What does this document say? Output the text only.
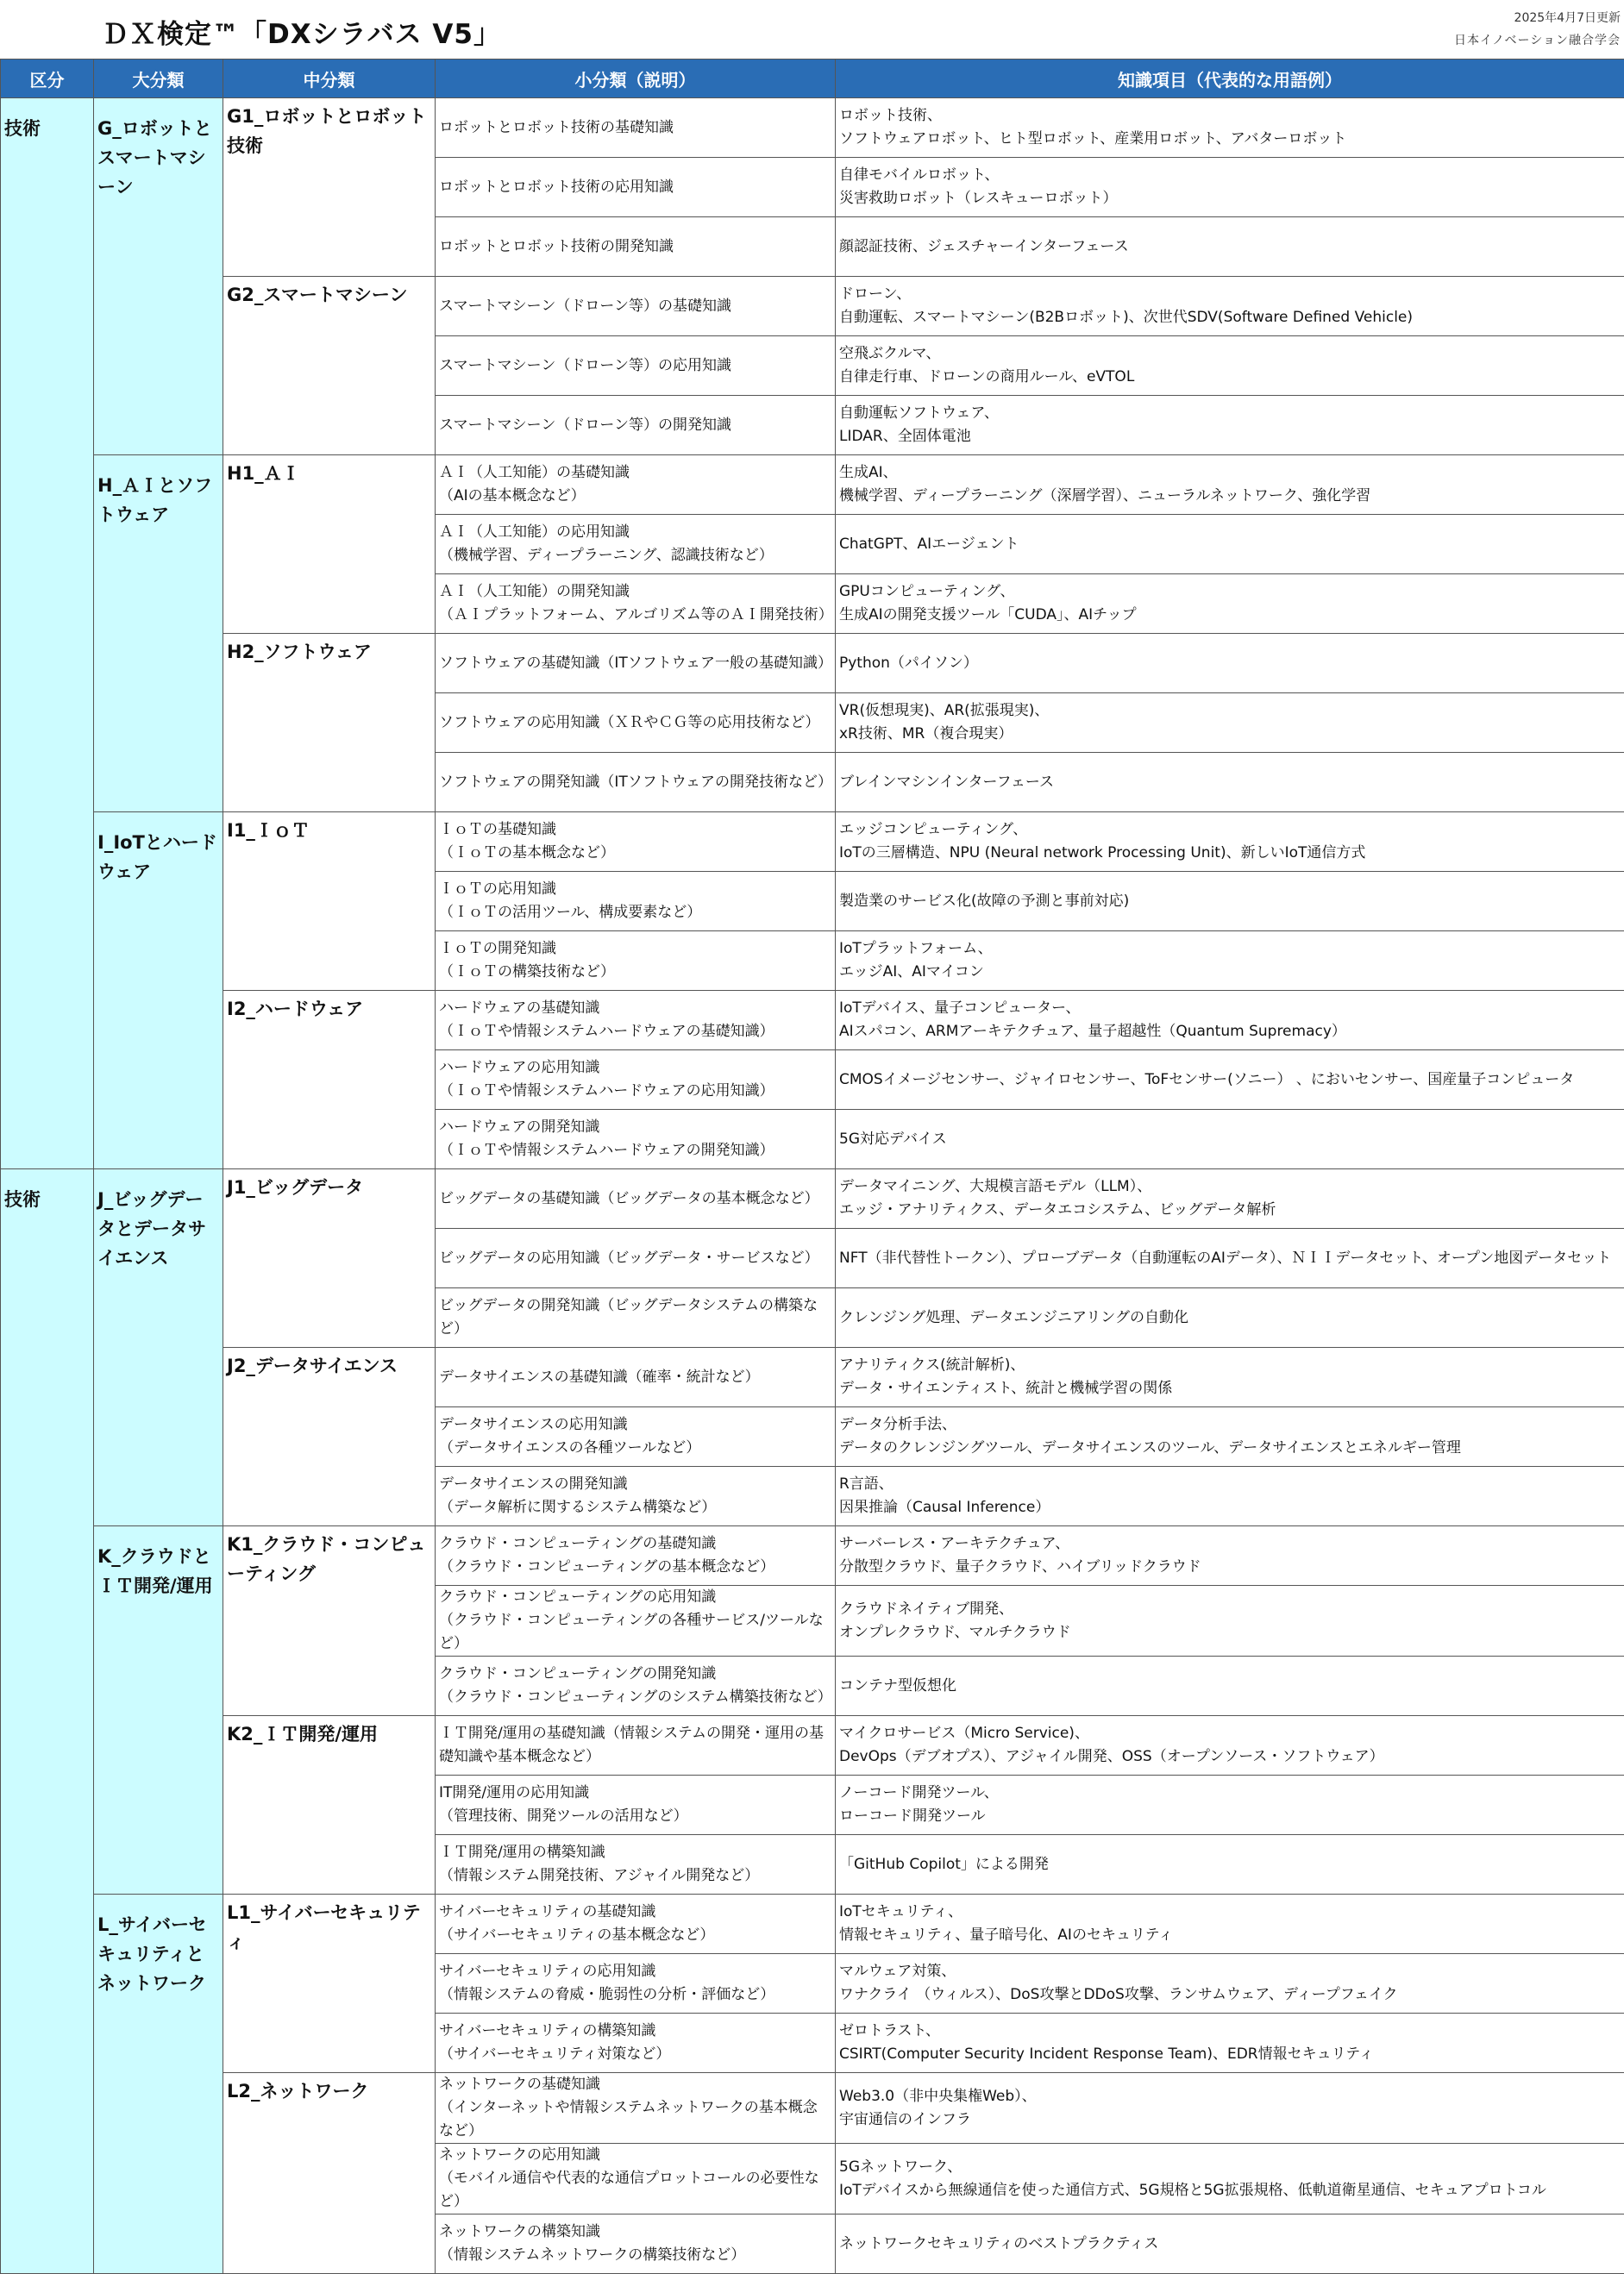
ＤＸ検定™「DXシラバス V5」
2025年4月7日更新
日本イノベーション融合学会
区分	大分類	中分類	小分類（説明）	知識項目（代表的な用語例）
技術	G_ロボットとスマートマシーン	G1_ロボットとロボット技術	ロボットとロボット技術の基礎知識	ロボット技術、
ソフトウェアロボット、ヒト型ロボット、産業用ロボット、アバターロボット
			ロボットとロボット技術の応用知識	自律モバイルロボット、
災害救助ロボット（レスキューロボット）
			ロボットとロボット技術の開発知識	顔認証技術、ジェスチャーインターフェース
		G2_スマートマシーン	スマートマシーン（ドローン等）の基礎知識	ドローン、
自動運転、スマートマシーン(B2Bロボット)、次世代SDV(Software Defined Vehicle)
			スマートマシーン（ドローン等）の応用知識	空飛ぶクルマ、
自律走行車、ドローンの商用ルール、eVTOL
			スマートマシーン（ドローン等）の開発知識	自動運転ソフトウェア、
LIDAR、全固体電池
	H_ＡＩとソフトウェア	H1_ＡＩ	ＡＩ（人工知能）の基礎知識
（AIの基本概念など）	生成AI、
機械学習、ディープラーニング（深層学習）、ニューラルネットワーク、強化学習
			ＡＩ（人工知能）の応用知識
（機械学習、ディープラーニング、認識技術など）	ChatGPT、AIエージェント
			ＡＩ（人工知能）の開発知識
（ＡＩプラットフォーム、アルゴリズム等のＡＩ開発技術）	GPUコンピューティング、
生成AIの開発支援ツール「CUDA」、AIチップ
		H2_ソフトウェア	ソフトウェアの基礎知識（ITソフトウェア一般の基礎知識）	Python（パイソン）
			ソフトウェアの応用知識（ＸＲやＣＧ等の応用技術など）	VR(仮想現実)、AR(拡張現実)、
xR技術、MR（複合現実）
			ソフトウェアの開発知識（ITソフトウェアの開発技術など）	ブレインマシンインターフェース
	I_IoTとハードウェア	I1_ＩｏＴ	ＩｏＴの基礎知識
（ＩｏＴの基本概念など）	エッジコンピューティング、
IoTの三層構造、NPU (Neural network Processing Unit)、新しいIoT通信方式
			ＩｏＴの応用知識
（ＩｏＴの活用ツール、構成要素など）	製造業のサービス化(故障の予測と事前対応)
			ＩｏＴの開発知識
（ＩｏＴの構築技術など）	IoTプラットフォーム、
エッジAI、AIマイコン
		I2_ハードウェア	ハードウェアの基礎知識
（ＩｏＴや情報システムハードウェアの基礎知識）	IoTデバイス、量子コンピューター、
AIスパコン、ARMアーキテクチュア、量子超越性（Quantum Supremacy）
			ハードウェアの応用知識
（ＩｏＴや情報システムハードウェアの応用知識）	CMOSイメージセンサー、ジャイロセンサー、ToFセンサー(ソニー） 、においセンサー、国産量子コンピュータ
			ハードウェアの開発知識
（ＩｏＴや情報システムハードウェアの開発知識）	5G対応デバイス
技術	J_ビッグデータとデータサイエンス	J1_ビッグデータ	ビッグデータの基礎知識（ビッグデータの基本概念など）	データマイニング、大規模言語モデル（LLM）、
エッジ・アナリティクス、データエコシステム、ビッグデータ解析
			ビッグデータの応用知識（ビッグデータ・サービスなど）	NFT（非代替性トークン）、プローブデータ（自動運転のAIデータ）、ＮＩＩデータセット、オープン地図データセット
			ビッグデータの開発知識（ビッグデータシステムの構築など）	クレンジング処理、データエンジニアリングの自動化
		J2_データサイエンス	データサイエンスの基礎知識（確率・統計など）	アナリティクス(統計解析)、
データ・サイエンティスト、統計と機械学習の関係
			データサイエンスの応用知識
（データサイエンスの各種ツールなど）	データ分析手法、
データのクレンジングツール、データサイエンスのツール、データサイエンスとエネルギー管理
			データサイエンスの開発知識
（データ解析に関するシステム構築など）	R言語、
因果推論（Causal Inference）
	K_クラウドとＩＴ開発/運用	K1_クラウド・コンピューティング	クラウド・コンピューティングの基礎知識
（クラウド・コンピューティングの基本概念など）	サーバーレス・アーキテクチュア、
分散型クラウド、量子クラウド、ハイブリッドクラウド
			クラウド・コンピューティングの応用知識
（クラウド・コンピューティングの各種サービス/ツールなど）	クラウドネイティブ開発、
オンプレクラウド、マルチクラウド
			クラウド・コンピューティングの開発知識
（クラウド・コンピューティングのシステム構築技術など）	コンテナ型仮想化
		K2_ＩＴ開発/運用	ＩＴ開発/運用の基礎知識（情報システムの開発・運用の基礎知識や基本概念など）	マイクロサービス（Micro Service)、
DevOps（デブオプス）、アジャイル開発、OSS（オープンソース・ソフトウェア）
			IT開発/運用の応用知識
（管理技術、開発ツールの活用など）	ノーコード開発ツール、
ローコード開発ツール
			ＩＴ開発/運用の構築知識
（情報システム開発技術、アジャイル開発など）	「GitHub Copilot」による開発
	L_サイバーセキュリティとネットワーク	L1_サイバーセキュリティ	サイバーセキュリティの基礎知識
（サイバーセキュリティの基本概念など）	IoTセキュリティ、
情報セキュリティ、量子暗号化、AIのセキュリティ
			サイバーセキュリティの応用知識
（情報システムの脅威・脆弱性の分析・評価など）	マルウェア対策、
ワナクライ （ウィルス）、DoS攻撃とDDoS攻撃、ランサムウェア、ディープフェイク
			サイバーセキュリティの構築知識
（サイバーセキュリティ対策など）	ゼロトラスト、
CSIRT(Computer Security Incident Response Team)、EDR情報セキュリティ
		L2_ネットワーク	ネットワークの基礎知識
（インターネットや情報システムネットワークの基本概念など）	Web3.0（非中央集権Web）、
宇宙通信のインフラ
			ネットワークの応用知識
（モバイル通信や代表的な通信プロットコールの必要性など）	5Gネットワーク、
IoTデバイスから無線通信を使った通信方式、5G規格と5G拡張規格、低軌道衛星通信、セキュアプロトコル
			ネットワークの構築知識
（情報システムネットワークの構築技術など）	ネットワークセキュリティのベストプラクティス
